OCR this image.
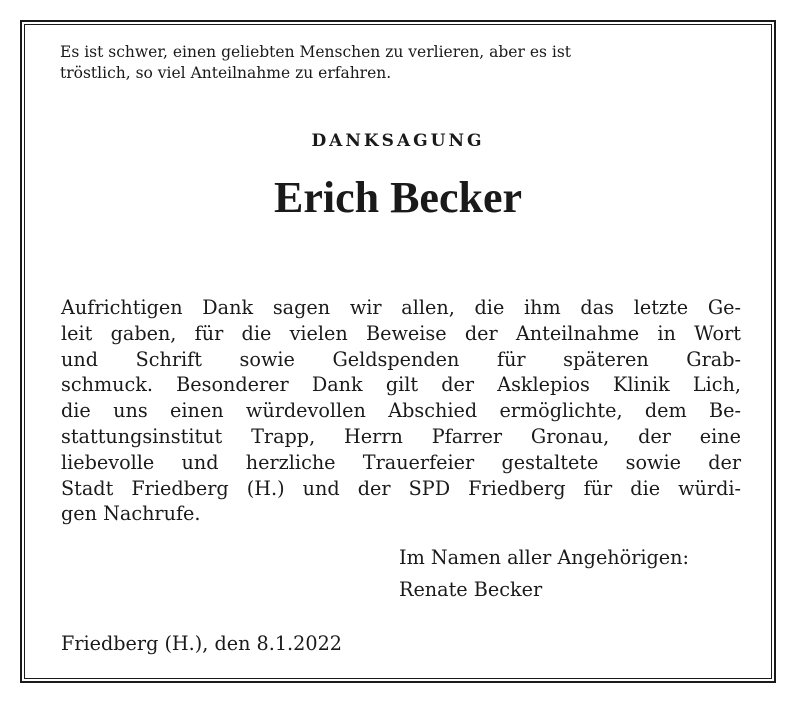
Es ist schwer, einen geliebten Menschen zu verlieren, aber es ist
tröstlich, so viel Anteilnahme zu erfahren.
DANKSAGUNG
Erich Becker
Aufrichtigen Dank sagen wir allen, die ihm das letzte Ge-
leit gaben, für die vielen Beweise der Anteilnahme in Wort
und Schrift sowie Geldspenden für späteren Grab-
schmuck. Besonderer Dank gilt der Asklepios Klinik Lich,
die uns einen würdevollen Abschied ermöglichte, dem Be-
stattungsinstitut Trapp, Herrn Pfarrer Gronau, der eine
liebevolle und herzliche Trauerfeier gestaltete sowie der
Stadt Friedberg (H.) und der SPD Friedberg für die würdi-
gen Nachrufe.
Im Namen aller Angehörigen:
Renate Becker
Friedberg (H.), den 8.1.2022
